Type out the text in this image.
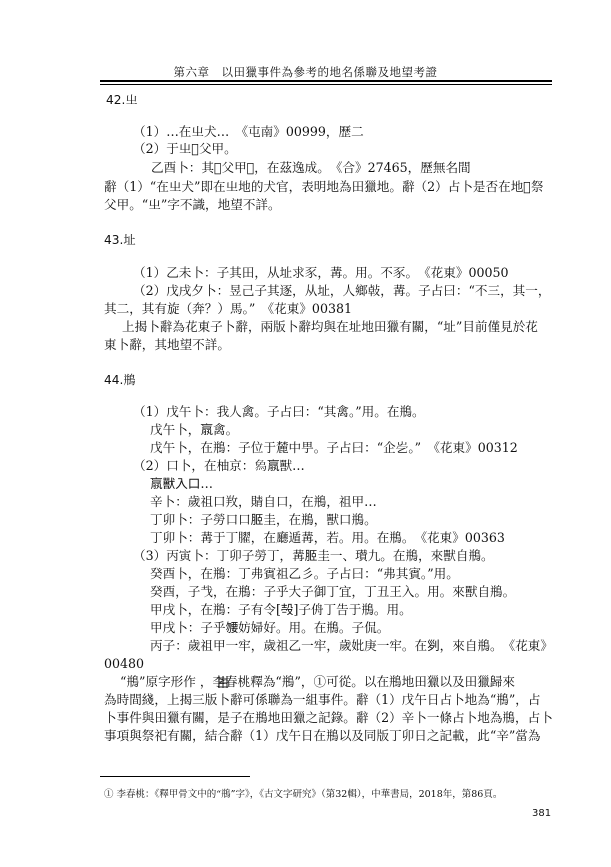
第六章　以田獵事件為參考的地名係聯及地望考證
42.㞢
（1）…在㞢犬…　《屯南》00999，歷二
（2）于㞢𡧊父甲。
乙酉卜：其𡧊父甲𣪊，在茲逸成。　《合》27465，歷無名間
辭（1）“在㞢犬”即在㞢地的犬官，表明地為田獵地。辭（2）占卜是否在地𡧊祭
父甲。“㞢”字不識，地望不詳。
43.址
（1）乙未卜：子其田，从址求豕，冓。用。不豕。　《花東》00050
（2）戊戌夕卜：昱己子其逐，从址，人鄉㪕，冓。子占曰：“不三，其一，
其二，其有旋（奔？）馬。”　《花東》00381
上揭卜辭為花東子卜辭，兩版卜辭均與在址地田獵有關，“址”目前僅見於花
東卜辭，其地望不詳。
44.鵧
（1）戊午卜：我人禽。子占曰：“其禽。”用。在鵧。
戊午卜，𣎆禽。
戊午卜，在鵧：子位于麓中甼。子占曰：“企𡴄。”　《花東》00312
（2）口卜，在柚京：𤉢𣎆獸…
𣎆獸入口…
辛卜：歲祖口䍩，䝼自口，在鵧，祖甲…
丁卯卜：子勞口口𦚟圭，在鵧，獸口鵧。
丁卯卜：冓于丁𦡱，在廳遁冓，若。用。在鵧。　《花東》00363
（3）丙寅卜：丁卯子勞丁，冓𦚟圭一、瓉九。在鵧，來獸自鵧。
癸酉卜，在鵧：丁弗賓祖乙彡。子占曰：“弗其賓。”用。
癸酉，子𢦏，在鵧：子乎大子御丁宜，丁丑王入。用。來獸自鵧。
甲戌卜，在鵧：子有令[𣪊]子侜丁告于鵧。用。
甲戌卜：子乎𧟰妨婦好。用。在鵧。子侃。
丙子：歲祖甲一牢，歲祖乙一牢，歲妣庚一牢。在𠛱，來自鵧。　《花東》
00480
“鵧”原字形作 ，李春桃釋為“鵧”，①可從。以在鵧地田獵以及田獵歸來
為時間綫，上揭三版卜辭可係聯為一組事件。辭（1）戊午日占卜地為“鵧”，占
卜事件與田獵有關，是子在鵧地田獵之記錄。辭（2）辛卜一條占卜地為鵧，占卜
事項與祭祀有關，結合辭（1）戊午日在鵧以及同版丁卯日之記載，此“辛”當為
① 李春桃：《釋甲骨文中的“鵧”字》，《古文字研究》（第32輯），中華書局，2018年，第86頁。
381
